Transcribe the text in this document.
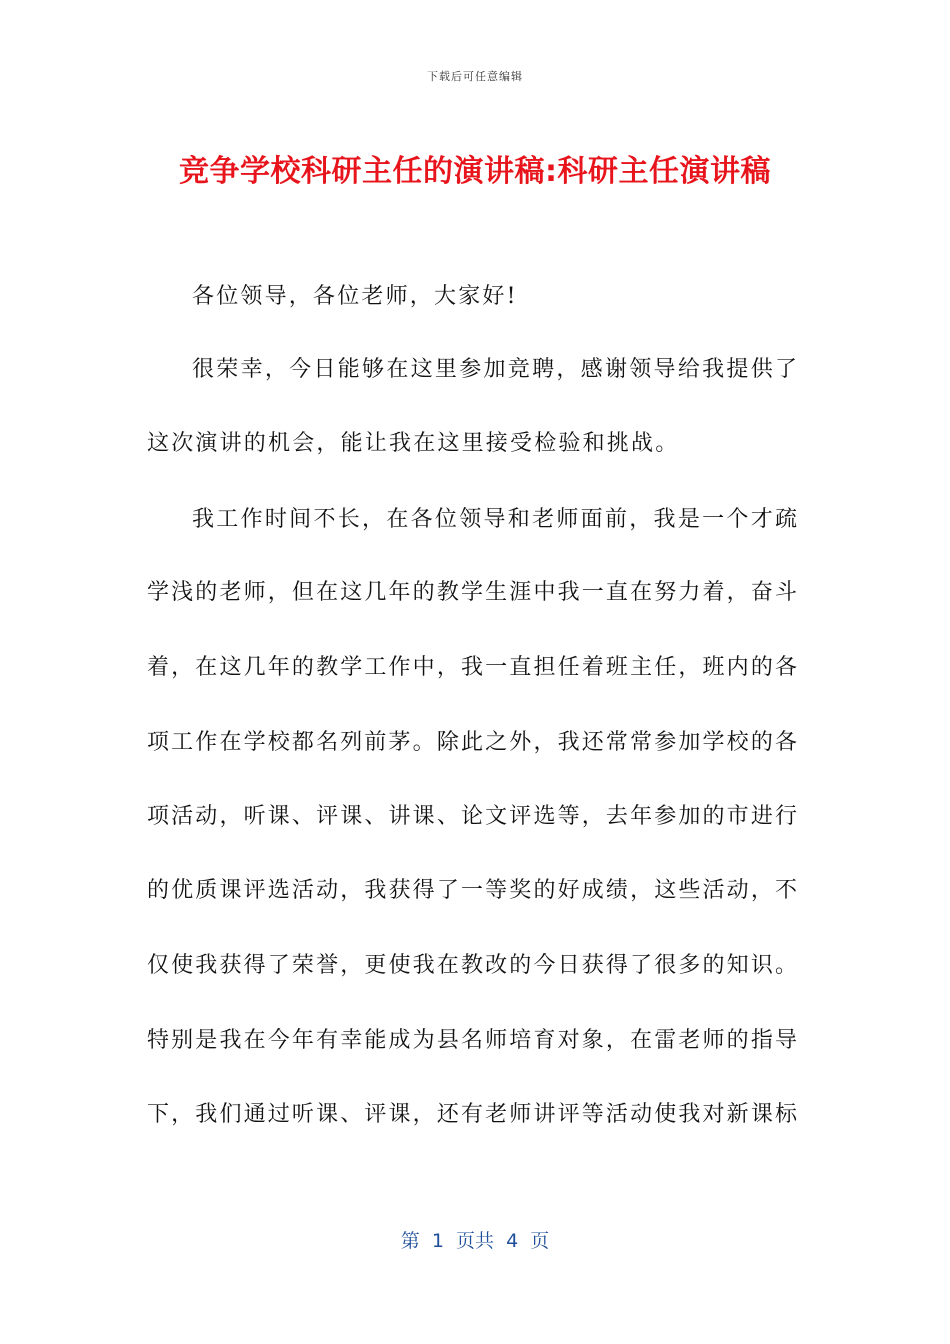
下载后可任意编辑
竞争学校科研主任的演讲稿:科研主任演讲稿
各位领导，各位老师，大家好!
很荣幸，今日能够在这里参加竞聘，感谢领导给我提供了
这次演讲的机会，能让我在这里接受检验和挑战。
我工作时间不长，在各位领导和老师面前，我是一个才疏
学浅的老师，但在这几年的教学生涯中我一直在努力着，奋斗
着，在这几年的教学工作中，我一直担任着班主任，班内的各
项工作在学校都名列前茅。除此之外，我还常常参加学校的各
项活动，听课、评课、讲课、论文评选等，去年参加的市进行
的优质课评选活动，我获得了一等奖的好成绩，这些活动，不
仅使我获得了荣誉，更使我在教改的今日获得了很多的知识。
特别是我在今年有幸能成为县名师培育对象，在雷老师的指导
下，我们通过听课、评课，还有老师讲评等活动使我对新课标
第  1  页共  4  页
